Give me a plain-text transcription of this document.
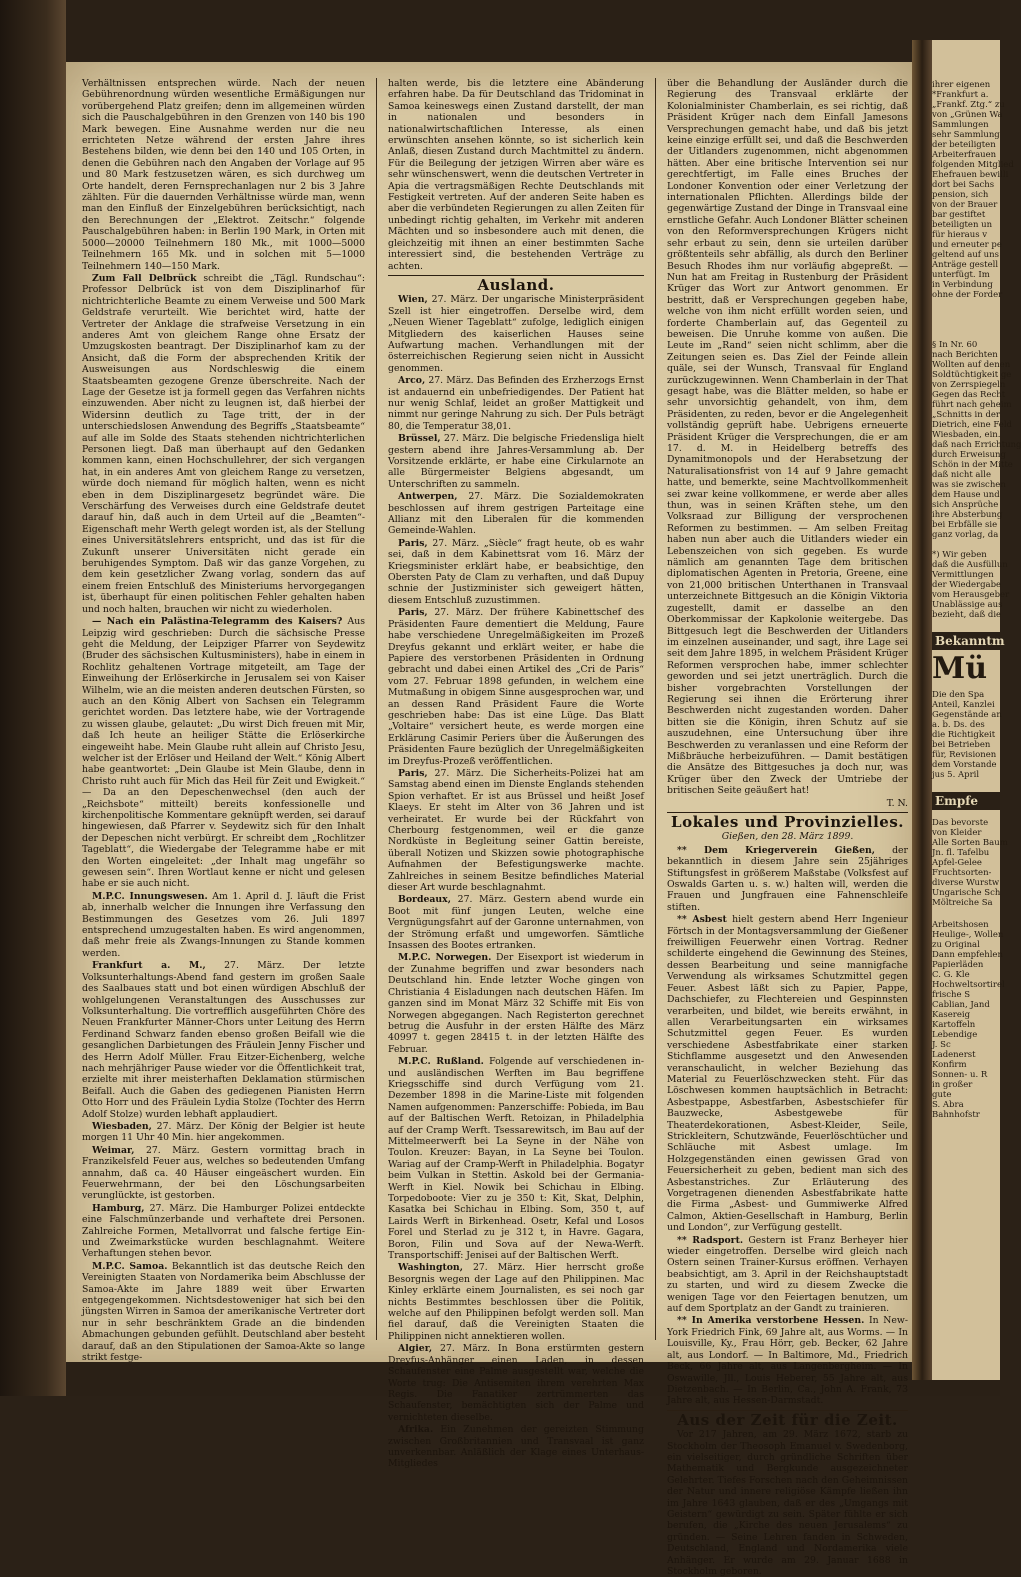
Verhältnissen entsprechen würde. Nach der neuen Gebührenordnung würden wesentliche Ermäßigungen nur vorübergehend Platz greifen; denn im allgemeinen würden sich die Pauschalgebühren in den Grenzen von 140 bis 190 Mark bewegen. Eine Ausnahme werden nur die neu errichteten Netze während der ersten Jahre ihres Bestehens bilden, wie denn bei den 140 und 105 Orten, in denen die Gebühren nach den Angaben der Vorlage auf 95 und 80 Mark festzusetzen wären, es sich durchweg um Orte handelt, deren Fernsprechanlagen nur 2 bis 3 Jahre zählten. Für die dauernden Verhältnisse würde man, wenn man den Einfluß der Einzelgebühren berücksichtigt, nach den Berechnungen der „Elektrot. Zeitschr.“ folgende Pauschalgebühren haben: in Berlin 190 Mark, in Orten mit 5000—20000 Teilnehmern 180 Mk., mit 1000—5000 Teilnehmern 165 Mk. und in solchen mit 5—1000 Teilnehmern 140—150 Mark.

Zum Fall Delbrück schreibt die „Tägl. Rundschau“: Professor Delbrück ist von dem Disziplinarhof für nichtrichterliche Beamte zu einem Verweise und 500 Mark Geldstrafe verurteilt. Wie berichtet wird, hatte der Vertreter der Anklage die strafweise Versetzung in ein anderes Amt von gleichem Range ohne Ersatz der Umzugskosten beantragt. Der Disziplinarhof kam zu der Ansicht, daß die Form der absprechenden Kritik der Ausweisungen aus Nordschleswig die einem Staatsbeamten gezogene Grenze überschreite. Nach der Lage der Gesetze ist ja formell gegen das Verfahren nichts einzuwenden. Aber nicht zu leugnen ist, daß hierbei der Widersinn deutlich zu Tage tritt, der in der unterschiedslosen Anwendung des Begriffs „Staatsbeamte“ auf alle im Solde des Staats stehenden nichtrichterlichen Personen liegt. Daß man überhaupt auf den Gedanken kommen kann, einen Hochschullehrer, der sich vergangen hat, in ein anderes Amt von gleichem Range zu versetzen, würde doch niemand für möglich halten, wenn es nicht eben in dem Disziplinargesetz begründet wäre. Die Verschärfung des Verweises durch eine Geldstrafe deutet darauf hin, daß auch in dem Urteil auf die „Beamten“-Eigenschaft mehr Werth gelegt worden ist, als der Stellung eines Universitätslehrers entspricht, und das ist für die Zukunft unserer Universitäten nicht gerade ein beruhigendes Symptom. Daß wir das ganze Vorgehen, zu dem kein gesetzlicher Zwang vorlag, sondern das auf einem freien Entschluß des Ministeriums hervorgegangen ist, überhaupt für einen politischen Fehler gehalten haben und noch halten, brauchen wir nicht zu wiederholen.

— Nach ein Palästina-Telegramm des Kaisers? Aus Leipzig wird geschrieben: Durch die sächsische Presse geht die Meldung, der Leipziger Pfarrer von Seydewitz (Bruder des sächsischen Kultusministers), habe in einem in Rochlitz gehaltenen Vortrage mitgeteilt, am Tage der Einweihung der Erlöserkirche in Jerusalem sei von Kaiser Wilhelm, wie an die meisten anderen deutschen Fürsten, so auch an den König Albert von Sachsen ein Telegramm gerichtet worden. Das letztere habe, wie der Vortragende zu wissen glaube, gelautet: „Du wirst Dich freuen mit Mir, daß Ich heute an heiliger Stätte die Erlöserkirche eingeweiht habe. Mein Glaube ruht allein auf Christo Jesu, welcher ist der Erlöser und Heiland der Welt.“ König Albert habe geantwortet: „Dein Glaube ist Mein Glaube, denn in Christo ruht auch für Mich das Heil für Zeit und Ewigkeit.“ — Da an den Depeschenwechsel (den auch der „Reichsbote“ mitteilt) bereits konfessionelle und kirchenpolitische Kommentare geknüpft werden, sei darauf hingewiesen, daß Pfarrer v. Seydewitz sich für den Inhalt der Depeschen nicht verbürgt. Er schreibt dem „Rochlitzer Tageblatt“, die Wiedergabe der Telegramme habe er mit den Worten eingeleitet: „der Inhalt mag ungefähr so gewesen sein“. Ihren Wortlaut kenne er nicht und gelesen habe er sie auch nicht.

M.P.C. Innungswesen. Am 1. April d. J. läuft die Frist ab, innerhalb welcher die Innungen ihre Verfassung den Bestimmungen des Gesetzes vom 26. Juli 1897 entsprechend umzugestalten haben. Es wird angenommen, daß mehr freie als Zwangs-Innungen zu Stande kommen werden.

Frankfurt a. M., 27. März. Der letzte Volksunterhaltungs-Abend fand gestern im großen Saale des Saalbaues statt und bot einen würdigen Abschluß der wohlgelungenen Veranstaltungen des Ausschusses zur Volksunterhaltung. Die vortrefflich ausgeführten Chöre des Neuen Frankfurter Männer-Chors unter Leitung des Herrn Ferdinand Schwarz fanden ebenso großen Beifall wie die gesanglichen Darbietungen des Fräulein Jenny Fischer und des Herrn Adolf Müller. Frau Eitzer-Eichenberg, welche nach mehrjähriger Pause wieder vor die Öffentlichkeit trat, erzielte mit ihrer meisterhaften Deklamation stürmischen Beifall. Auch die Gaben des gediegenen Pianisten Herrn Otto Horr und des Fräulein Lydia Stolze (Tochter des Herrn Adolf Stolze) wurden lebhaft applaudiert.

Wiesbaden, 27. März. Der König der Belgier ist heute morgen 11 Uhr 40 Min. hier angekommen.

Weimar, 27. März. Gestern vormittag brach in Franzikelsfeld Feuer aus, welches so bedeutenden Umfang annahm, daß ca. 40 Häuser eingeäschert wurden. Ein Feuerwehrmann, der bei den Löschungsarbeiten verunglückte, ist gestorben.

Hamburg, 27. März. Die Hamburger Polizei entdeckte eine Falschmünzerbande und verhaftete drei Personen. Zahlreiche Formen, Metallvorrat und falsche fertige Ein- und Zweimarkstücke wurden beschlagnahmt. Weitere Verhaftungen stehen bevor.

M.P.C. Samoa. Bekanntlich ist das deutsche Reich den Vereinigten Staaten von Nordamerika beim Abschlusse der Samoa-Akte im Jahre 1889 weit über Erwarten entgegengekommen. Nichtsdestoweniger hat sich bei den jüngsten Wirren in Samoa der amerikanische Vertreter dort nur in sehr beschränktem Grade an die bindenden Abmachungen gebunden gefühlt. Deutschland aber besteht darauf, daß an den Stipulationen der Samoa-Akte so lange strikt festge-

halten werde, bis die letztere eine Abänderung erfahren habe. Da für Deutschland das Tridominat in Samoa keineswegs einen Zustand darstellt, der man in nationalen und besonders in nationalwirtschaftlichen Interesse, als einen erwünschten ansehen könnte, so ist sicherlich kein Anlaß, diesen Zustand durch Machtmittel zu ändern. Für die Beilegung der jetzigen Wirren aber wäre es sehr wünschenswert, wenn die deutschen Vertreter in Apia die vertragsmäßigen Rechte Deutschlands mit Festigkeit vertreten. Auf der anderen Seite haben es aber die verbündeten Regierungen zu allen Zeiten für unbedingt richtig gehalten, im Verkehr mit anderen Mächten und so insbesondere auch mit denen, die gleichzeitig mit ihnen an einer bestimmten Sache interessiert sind, die bestehenden Verträge zu achten.

Ausland.

Wien, 27. März. Der ungarische Ministerpräsident Szell ist hier eingetroffen. Derselbe wird, dem „Neuen Wiener Tageblatt“ zufolge, lediglich einigen Mitgliedern des kaiserlichen Hauses seine Aufwartung machen. Verhandlungen mit der österreichischen Regierung seien nicht in Aussicht genommen.

Arco, 27. März. Das Befinden des Erzherzogs Ernst ist andauernd ein unbefriedigendes. Der Patient hat nur wenig Schlaf, leidet an großer Mattigkeit und nimmt nur geringe Nahrung zu sich. Der Puls beträgt 80, die Temperatur 38,01.

Brüssel, 27. März. Die belgische Friedensliga hielt gestern abend ihre Jahres-Versammlung ab. Der Vorsitzende erklärte, er habe eine Cirkularnote an alle Bürgermeister Belgiens abgesandt, um Unterschriften zu sammeln.

Antwerpen, 27. März. Die Sozialdemokraten beschlossen auf ihrem gestrigen Parteitage eine Allianz mit den Liberalen für die kommenden Gemeinde-Wahlen.

Paris, 27. März. „Siècle“ fragt heute, ob es wahr sei, daß in dem Kabinettsrat vom 16. März der Kriegsminister erklärt habe, er beabsichtige, den Obersten Paty de Clam zu verhaften, und daß Dupuy schnie der Justizminister sich geweigert hätten, diesem Entschluß zuzustimmen.

Paris, 27. März. Der frühere Kabinettschef des Präsidenten Faure dementiert die Meldung, Faure habe verschiedene Unregelmäßigkeiten im Prozeß Dreyfus gekannt und erklärt weiter, er habe die Papiere des verstorbenen Präsidenten in Ordnung gebracht und dabei einen Artikel des „Cri de Paris“ vom 27. Februar 1898 gefunden, in welchem eine Mutmaßung in obigem Sinne ausgesprochen war, und an dessen Rand Präsident Faure die Worte geschrieben habe: Das ist eine Lüge. Das Blatt „Voltaire“ versichert heute, es werde morgen eine Erklärung Casimir Periers über die Äußerungen des Präsidenten Faure bezüglich der Unregelmäßigkeiten im Dreyfus-Prozeß veröffentlichen.

Paris, 27. März. Die Sicherheits-Polizei hat am Samstag abend einen im Dienste Englands stehenden Spion verhaftet. Er ist aus Brüssel und heißt Josef Klaeys. Er steht im Alter von 36 Jahren und ist verheiratet. Er wurde bei der Rückfahrt von Cherbourg festgenommen, weil er die ganze Nordküste in Begleitung seiner Gattin bereiste, überall Notizen und Skizzen sowie photographische Aufnahmen der Befestigungswerke machte. Zahlreiches in seinem Besitze befindliches Material dieser Art wurde beschlagnahmt.

Bordeaux, 27. März. Gestern abend wurde ein Boot mit fünf jungen Leuten, welche eine Vergnügungsfahrt auf der Garonne unternahmen, von der Strömung erfaßt und umgeworfen. Sämtliche Insassen des Bootes ertranken.

M.P.C. Norwegen. Der Eisexport ist wiederum in der Zunahme begriffen und zwar besonders nach Deutschland hin. Ende letzter Woche gingen von Christiania 4 Eisladungen nach deutschen Häfen. Im ganzen sind im Monat März 32 Schiffe mit Eis von Norwegen abgegangen. Nach Registerton gerechnet betrug die Ausfuhr in der ersten Hälfte des März 40997 t. gegen 28415 t. in der letzten Hälfte des Februar.

M.P.C. Rußland. Folgende auf verschiedenen in- und ausländischen Werften im Bau begriffene Kriegsschiffe sind durch Verfügung vom 21. Dezember 1898 in die Marine-Liste mit folgenden Namen aufgenommen: Panzerschiffe: Pobieda, im Bau auf der Baltischen Werft. Retoizan, in Philadelphia auf der Cramp Werft. Tsessarewitsch, im Bau auf der Mittelmeerwerft bei La Seyne in der Nähe von Toulon. Kreuzer: Bayan, in La Seyne bei Toulon. Wariag auf der Cramp-Werft in Philadelphia. Bogatyr beim Vulkan in Stettin. Askold bei der Germania-Werft in Kiel. Nowik bei Schichau in Elbing. Torpedoboote: Vier zu je 350 t: Kit, Skat, Delphin, Kasatka bei Schichau in Elbing. Som, 350 t, auf Lairds Werft in Birkenhead. Osetr, Kefal und Losos Forel und Sterlad zu je 312 t, in Havre. Gagara, Boron, Filin und Sova auf der Newa-Werft. Transportschiff: Jenisei auf der Baltischen Werft.

Washington, 27. März. Hier herrscht große Besorgnis wegen der Lage auf den Philippinen. Mac Kinley erklärte einem Journalisten, es sei noch gar nichts Bestimmtes beschlossen über die Politik, welche auf den Philippinen befolgt werden soll. Man fiel darauf, daß die Vereinigten Staaten die Philippinen nicht annektieren wollen.

Algier, 27. März. In Bona erstürmten gestern Dreyfus-Anhänger einen Laden, in dessen Schaufenster eine Palme ausgestellt war, welche die Worte trug: Die Antisemiten ihrem verehrten Max Regis. Die Fanatiker zertrümmerten das Schaufenster, bemächtigten sich der Palme und vernichteten dieselbe.

Afrika. Ein Zunehmen der gereizten Stimmung zwischen Großbritannien und Transvaal ist ganz unverkennbar. Anläßlich der Klage eines Unterhaus-Mitgliedes

über die Behandlung der Ausländer durch die Regierung des Transvaal erklärte der Kolonialminister Chamberlain, es sei richtig, daß Präsident Krüger nach dem Einfall Jamesons Versprechungen gemacht habe, und daß bis jetzt keine einzige erfüllt sei, und daß die Beschwerden der Uitlanders zugenommen, nicht abgenommen hätten. Aber eine britische Intervention sei nur gerechtfertigt, im Falle eines Bruches der Londoner Konvention oder einer Verletzung der internationalen Pflichten. Allerdings bilde der gegenwärtige Zustand der Dinge in Transvaal eine ernstliche Gefahr. Auch Londoner Blätter scheinen von den Reformversprechungen Krügers nicht sehr erbaut zu sein, denn sie urteilen darüber größtenteils sehr abfällig, als durch den Berliner Besuch Rhodes ihm nur vorläufig abgepreßt. — Nun hat am Freitag in Rustenburg der Präsident Krüger das Wort zur Antwort genommen. Er bestritt, daß er Versprechungen gegeben habe, welche von ihm nicht erfüllt worden seien, und forderte Chamberlain auf, das Gegenteil zu beweisen. Die Unruhe komme von außen. Die Leute im „Rand“ seien nicht schlimm, aber die Zeitungen seien es. Das Ziel der Feinde allein quäle, sei der Wunsch, Transvaal für England zurückzugewinnen. Wenn Chamberlain in der That gesagt habe, was die Blätter melden, so habe er sehr unvorsichtig gehandelt, von ihm, dem Präsidenten, zu reden, bevor er die Angelegenheit vollständig geprüft habe. Uebrigens erneuerte Präsident Krüger die Versprechungen, die er am 17. d. M. in Heidelberg betreffs des Dynamitmonopols und der Herabsetzung der Naturalisationsfrist von 14 auf 9 Jahre gemacht hatte, und bemerkte, seine Machtvollkommenheit sei zwar keine vollkommene, er werde aber alles thun, was in seinen Kräften stehe, um den Volksraad zur Billigung der versprochenen Reformen zu bestimmen. — Am selben Freitag haben nun aber auch die Uitlanders wieder ein Lebenszeichen von sich gegeben. Es wurde nämlich am genannten Tage dem britischen diplomatischen Agenten in Pretoria, Greene, eine von 21,000 britischen Unterthanen in Transvaal unterzeichnete Bittgesuch an die Königin Viktoria zugestellt, damit er dasselbe an den Oberkommissar der Kapkolonie weitergebe. Das Bittgesuch legt die Beschwerden der Uitlanders im einzelnen auseinander, und sagt, ihre Lage sei seit dem Jahre 1895, in welchem Präsident Krüger Reformen versprochen habe, immer schlechter geworden und sei jetzt unerträglich. Durch die bisher vorgebrachten Vorstellungen der Regierung sei ihnen die Erörterung ihrer Beschwerden nicht zugestanden worden. Daher bitten sie die Königin, ihren Schutz auf sie auszudehnen, eine Untersuchung über ihre Beschwerden zu veranlassen und eine Reform der Mißbräuche herbeizuführen. — Damit bestätigen die Ansätze des Bittgesuches ja doch nur, was Krüger über den Zweck der Umtriebe der britischen Seite geäußert hat!

T. N.
Lokales und Provinzielles.
Gießen, den 28. März 1899.

** Dem Kriegerverein Gießen, der bekanntlich in diesem Jahre sein 25jähriges Stiftungsfest in größerem Maßstabe (Volksfest auf Oswalds Garten u. s. w.) halten will, werden die Frauen und Jungfrauen eine Fahnenschleife stiften.

** Asbest hielt gestern abend Herr Ingenieur Förtsch in der Montagsversammlung der Gießener freiwilligen Feuerwehr einen Vortrag. Redner schilderte eingehend die Gewinnung des Steines, dessen Bearbeitung und seine mannigfache Verwendung als wirksames Schutzmittel gegen Feuer. Asbest läßt sich zu Papier, Pappe, Dachschiefer, zu Flechtereien und Gespinnsten verarbeiten, und bildet, wie bereits erwähnt, in allen Verarbeitungsarten ein wirksames Schutzmittel gegen Feuer. Es wurden verschiedene Asbestfabrikate einer starken Stichflamme ausgesetzt und den Anwesenden veranschaulicht, in welcher Beziehung das Material zu Feuerlöschzwecken steht. Für das Löschwesen kommen hauptsächlich in Betracht: Asbestpappe, Asbestfarben, Asbestschiefer für Bauzwecke, Asbestgewebe für Theaterdekorationen, Asbest-Kleider, Seile, Strickleitern, Schutzwände, Feuerlöschtücher und Schläuche mit Asbest umlage. Im Holzgegenständen einen gewissen Grad von Feuersicherheit zu geben, bedient man sich des Asbestanstriches. Zur Erläuterung des Vorgetragenen dienenden Asbestfabrikate hatte die Firma „Asbest- und Gummiwerke Alfred Calmon, Aktien-Gesellschaft in Hamburg, Berlin und London“, zur Verfügung gestellt.

** Radsport. Gestern ist Franz Berheyer hier wieder eingetroffen. Derselbe wird gleich nach Ostern seinen Trainer-Kursus eröffnen. Verhayen beabsichtigt, am 3. April in der Reichshauptstadt zu starten, und wird zu diesem Zwecke die wenigen Tage vor den Feiertagen benutzen, um auf dem Sportplatz an der Gandt zu trainieren.

** In Amerika verstorbene Hessen. In New-York Friedrich Fink, 69 Jahre alt, aus Worms. — In Louisville, Ky., Frau Hörr, geb. Becker, 62 Jahre alt, aus Londorf. — In Baltimore, Md., Friedrich Beck, 66 Jahre alt, aus Langenbergheim. — In Oswawille, Jll., Louis Heberer, 55 Jahre alt, aus Dietzenbach. — In Berlin, Ca., John A. Frank, 73 Jahre alt, aus Hessen-Darmstadt.

Aus der Zeit für die Zeit.

Vor 217 Jahren, am 29. März 1672, starb zu Stockholm der Theosoph Emanuel v. Swedenborg, ein vielseitiger, durch gründliche Schriften über Mathematik und Bergkunde ausgezeichneter Gelehrter. Tiefes Forschen nach den Geheimnissen der Natur und innere religiöse Kämpfe ließen ihn im Jahre 1643 glauben, daß er des „Umgangs mit Geistern“ gewürdigt zu sein. Später fühlte er sich berufen, die „Kirche des neuen Jerusalems“ zu gründen. — Seine Lehren fanden in Schweden, Deutschland, England und Nordamerika viele Anhänger. Er wurde am 29. Januar 1688 in Stockholm geboren.

ihrer eigenen
*Frankfurt a.
„Frankf. Ztg.“ zu
von „Grünen Wa
Sammlungen
sehr Sammlung
der beteiligten
Arbeiterfrauen
folgenden Mitglied
Ehefrauen bewilli
dort bei Sachs
pension, sich
von der Brauer
bar gestiftet
beteiligten un
für hieraus v
und erneuter pe
geltend auf uns
Anträge gestell
unterfügt. Im
in Verbindung
ohne der Forder
§ In Nr. 60
nach Berichten
Wollten auf denen
Soldtüchtigkeit ge
von Zerrspiegeln
Gegen das Recht
führt nach geheim
„Schnitts in der
Dietrich, eine Feld
Wiesbaden, ein.
daß nach Errichtung
durch Erweisung
Schön in der Mitte
daß nicht alle
was sie zwischen
dem Hause und
sich Ansprüche
ihre Absterbung
bei Erbfälle sie
ganz vorlag, da

*) Wir geben
daß die Ausfüllun
Vermittlungen
der Wiedergabe
vom Herausgeber
Unablässige aus
bezieht, daß die
Bekanntm
Mü
Die den Spa
Anteil, Kanzlei
Gegenstände an
a. b. Ds. des
die Richtigkeit
bei Betrieben
für, Revisionen
dem Vorstande
jus 5. April
Empfe
Das bevorste
von Kleider
Alle Sorten Baum
Jn. fl. Tafelbu
Apfel-Gelee
Fruchtsorten-
diverse Wurstw
Ungarische Sch
Möltreiche Sa
Arbeitshosen
Heulige-, Wollen
zu Original
Dann empfehlen
Papierläden
C. G. Kle
Hochweltsortirel
frische S
Cablian, Jand
Kasereig
Kartoffeln
Lebendige
J. Sc
Ladenerst
Konfirm
Sonnen- u. R
in großer
gute
S. Abra
Bahnhofstr
